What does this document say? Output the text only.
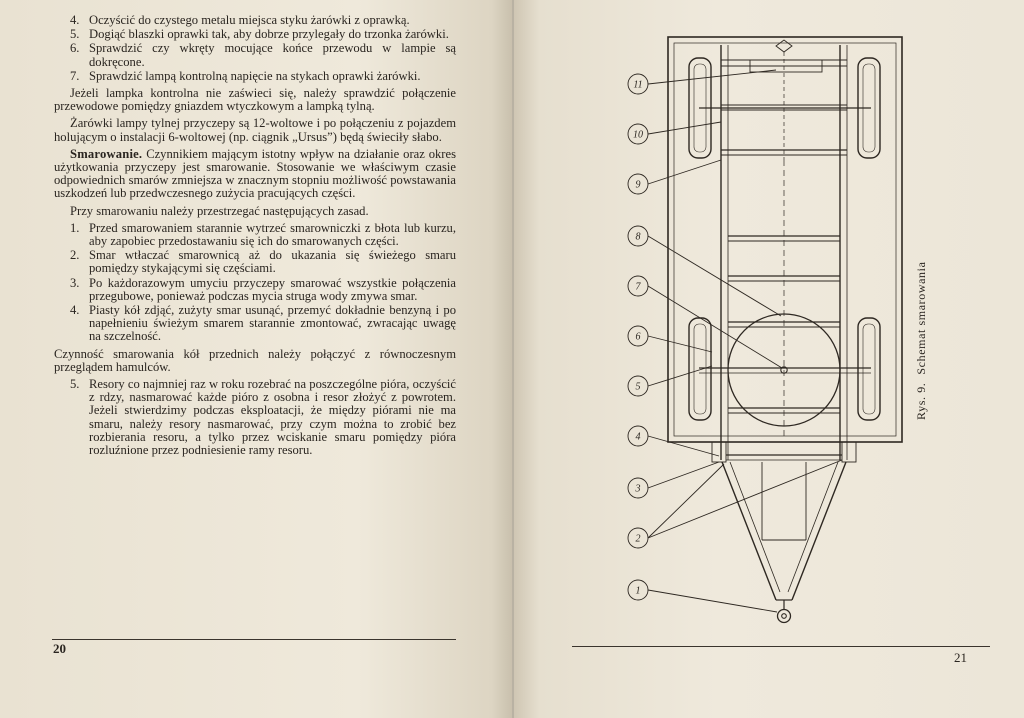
4. Oczyścić do czystego metalu miejsca styku żarówki z oprawką.
5. Dogiąć blaszki oprawki tak, aby dobrze przylegały do trzonka żarówki.
6. Sprawdzić czy wkręty mocujące końce przewodu w lampie są dokręcone.
7. Sprawdzić lampą kontrolną napięcie na stykach oprawki żarówki.

Jeżeli lampka kontrolna nie zaświeci się, należy sprawdzić połączenie przewodowe pomiędzy gniazdem wtyczkowym a lampką tylną.

Żarówki lampy tylnej przyczepy są 12-woltowe i po połączeniu z pojazdem holującym o instalacji 6-woltowej (np. ciągnik „Ursus”) będą świeciły słabo.

Smarowanie. Czynnikiem mającym istotny wpływ na działanie oraz okres użytkowania przyczepy jest smarowanie. Stosowanie we właściwym czasie odpowiednich smarów zmniejsza w znacznym stopniu możliwość powstawania uszkodzeń lub przedwczesnego zużycia pracujących części.

Przy smarowaniu należy przestrzegać następujących zasad.

1. Przed smarowaniem starannie wytrzeć smarowniczki z błota lub kurzu, aby zapobiec przedostawaniu się ich do smarowanych części.
2. Smar wtłaczać smarownicą aż do ukazania się świeżego smaru pomiędzy stykającymi się częściami.
3. Po każdorazowym umyciu przyczepy smarować wszystkie połączenia przegubowe, ponieważ podczas mycia struga wody zmywa smar.
4. Piasty kół zdjąć, zużyty smar usunąć, przemyć dokładnie benzyną i po napełnieniu świeżym smarem starannie zmontować, zwracając uwagę na szczelność.

Czynność smarowania kół przednich należy połączyć z równoczesnym przeglądem hamulców.

5. Resory co najmniej raz w roku rozebrać na poszczególne pióra, oczyścić z rdzy, nasmarować każde pióro z osobna i resor złożyć z powrotem. Jeżeli stwierdzimy podczas eksploatacji, że między piórami nie ma smaru, należy resory nasmarować, przy czym można to zrobić bez rozbierania resoru, a tylko przez wciskanie smaru pomiędzy pióra rozluźnione przez podniesienie ramy resoru.
20
11
10
9
8
7
6
5
4
3
2
1
Rys. 9.Schemat smarowania
21
